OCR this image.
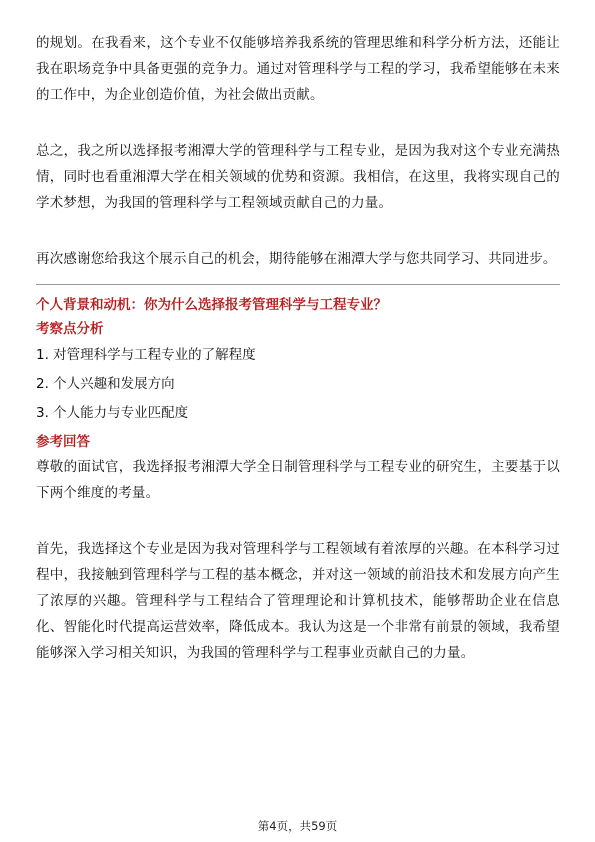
的规划。在我看来，这个专业不仅能够培养我系统的管理思维和科学分析方法，还能让我在职场竞争中具备更强的竞争力。通过对管理科学与工程的学习，我希望能够在未来的工作中，为企业创造价值，为社会做出贡献。

总之，我之所以选择报考湘潭大学的管理科学与工程专业，是因为我对这个专业充满热情，同时也看重湘潭大学在相关领域的优势和资源。我相信，在这里，我将实现自己的学术梦想，为我国的管理科学与工程领域贡献自己的力量。

再次感谢您给我这个展示自己的机会，期待能够在湘潭大学与您共同学习、共同进步。

个人背景和动机：你为什么选择报考管理科学与工程专业？

考察点分析

1. 对管理科学与工程专业的了解程度
2. 个人兴趣和发展方向
3. 个人能力与专业匹配度

参考回答

尊敬的面试官，我选择报考湘潭大学全日制管理科学与工程专业的研究生，主要基于以下两个维度的考量。

首先，我选择这个专业是因为我对管理科学与工程领域有着浓厚的兴趣。在本科学习过程中，我接触到管理科学与工程的基本概念，并对这一领域的前沿技术和发展方向产生了浓厚的兴趣。管理科学与工程结合了管理理论和计算机技术，能够帮助企业在信息化、智能化时代提高运营效率，降低成本。我认为这是一个非常有前景的领域，我希望能够深入学习相关知识，为我国的管理科学与工程事业贡献自己的力量。

第4页，共59页
